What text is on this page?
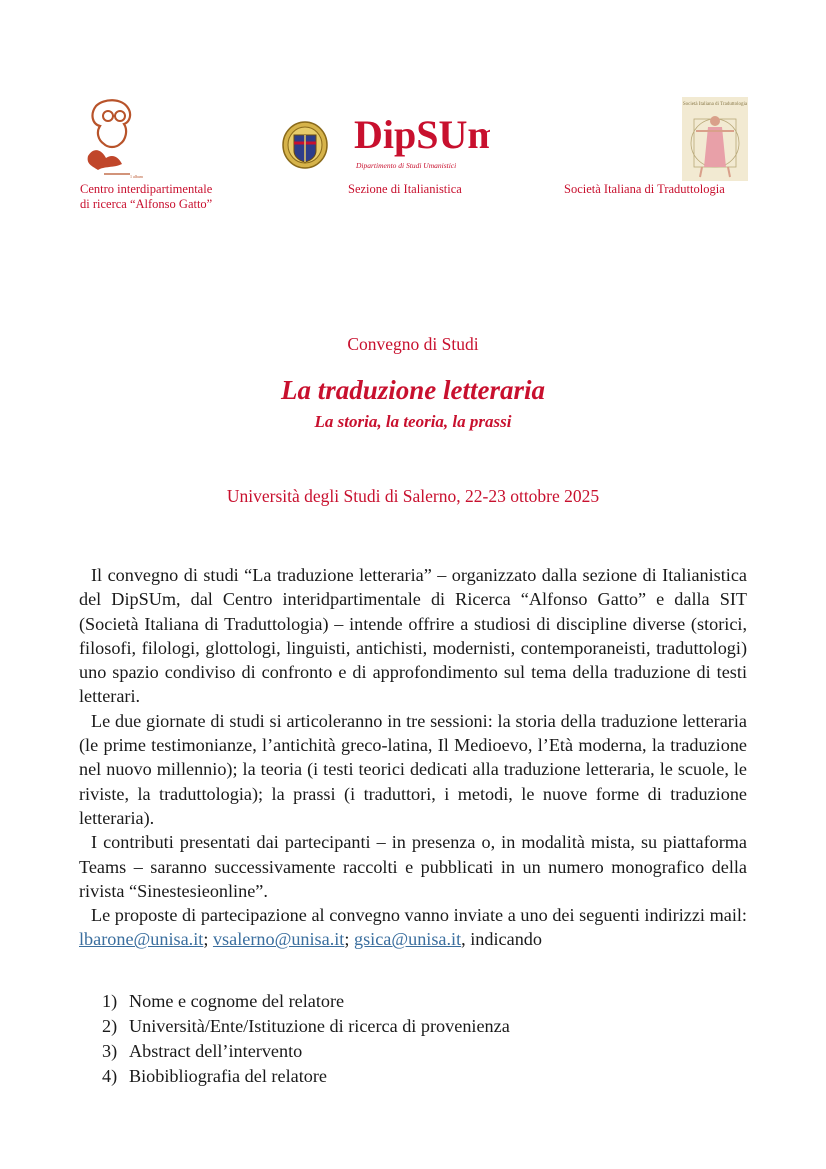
1 album
DipSUm
Dipartimento di Studi Umanistici
Società Italiana di Traduttologia
Centro interdipartimentale
di ricerca “Alfonso Gatto”
Sezione di Italianistica	Società Italiana di Traduttologia
Convegno di Studi
La traduzione letteraria
La storia, la teoria, la prassi
Università degli Studi di Salerno, 22-23 ottobre 2025

Il convegno di studi “La traduzione letteraria” – organizzato dalla sezione di Italianistica del DipSUm, dal Centro interidpartimentale di Ricerca “Alfonso Gatto” e dalla SIT (Società Italiana di Traduttologia) – intende offrire a studiosi di discipline diverse (storici, filosofi, filologi, glottologi, linguisti, antichisti, modernisti, contemporaneisti, traduttologi) uno spazio condiviso di confronto e di approfondimento sul tema della traduzione di testi letterari.

Le due giornate di studi si articoleranno in tre sessioni: la storia della traduzione letteraria (le prime testimonianze, l’antichità greco-latina, Il Medioevo, l’Età moderna, la traduzione nel nuovo millennio); la teoria (i testi teorici dedicati alla traduzione letteraria, le scuole, le riviste, la traduttologia); la prassi (i traduttori, i metodi, le nuove forme di traduzione letteraria).

I contributi presentati dai partecipanti – in presenza o, in modalità mista, su piattaforma Teams – saranno successivamente raccolti e pubblicati in un numero monografico della rivista “Sinestesieonline”.

Le proposte di partecipazione al convegno vanno inviate a uno dei seguenti indirizzi mail: lbarone@unisa.it; vsalerno@unisa.it; gsica@unisa.it, indicando

1) Nome e cognome del relatore
2) Università/Ente/Istituzione di ricerca di provenienza
3) Abstract dell’intervento
4) Biobibliografia del relatore
